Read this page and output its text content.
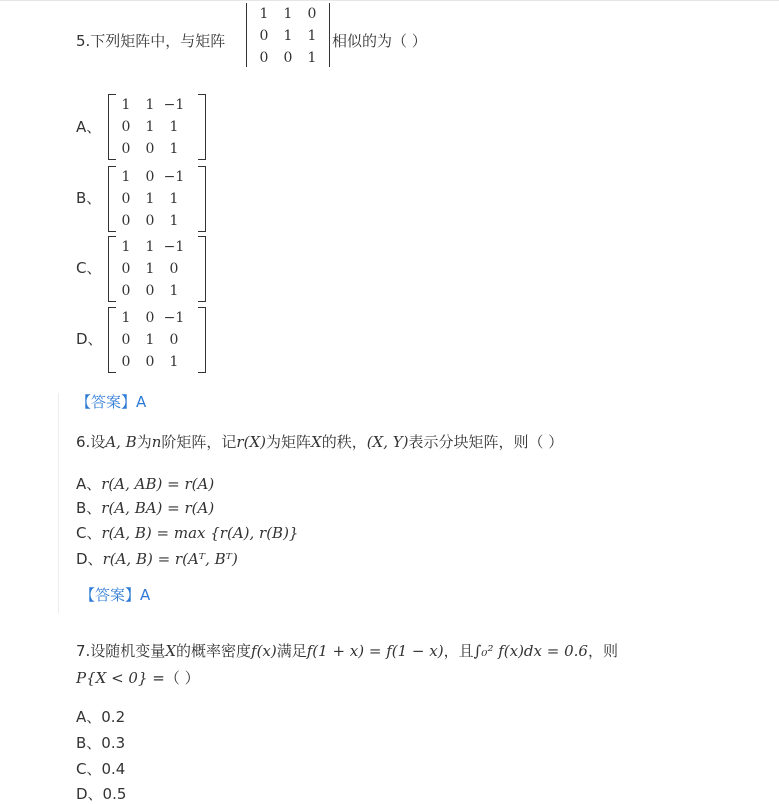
5.下列矩阵中，与矩阵
1	1	0
0	1	1
0	0	1
相似的为（ ）
A、
1	1 −1
0	1	1
0	0	1
B、
1	0 −1
0	1	1
0	0	1
C、
1	1 −1
0	1	0
0	0	1
D、
1	0 −1
0	1	0
0	0	1
【答案】A
6.设A, B为n阶矩阵，记r(X)为矩阵X的秩，(X, Y)表示分块矩阵，则（ ）
A、r(A, AB) = r(A)
B、r(A, BA) = r(A)
C、r(A, B) = max {r(A), r(B)}
D、r(A, B) = r(Aᵀ, Bᵀ)
【答案】A
7.设随机变量X的概率密度f(x)满足f(1 + x) = f(1 − x)，且∫₀² f(x)dx = 0.6，则
P{X < 0} =（ ）
A、0.2
B、0.3
C、0.4
D、0.5
